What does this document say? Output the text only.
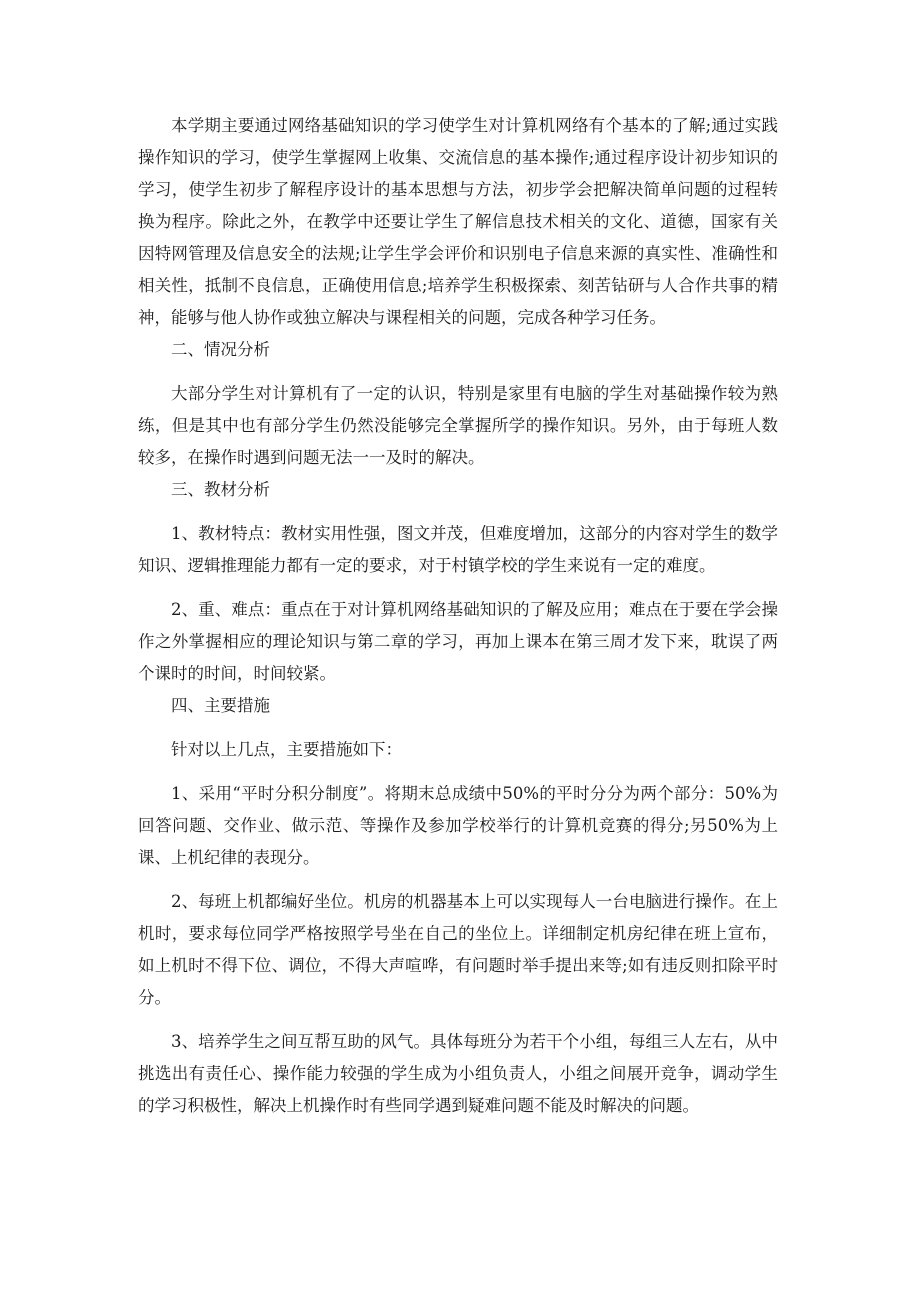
本学期主要通过网络基础知识的学习使学生对计算机网络有个基本的了解;通过实践操作知识的学习，使学生掌握网上收集、交流信息的基本操作;通过程序设计初步知识的学习，使学生初步了解程序设计的基本思想与方法，初步学会把解决简单问题的过程转换为程序。除此之外，在教学中还要让学生了解信息技术相关的文化、道德，国家有关因特网管理及信息安全的法规;让学生学会评价和识别电子信息来源的真实性、准确性和相关性，抵制不良信息，正确使用信息;培养学生积极探索、刻苦钻研与人合作共事的精神，能够与他人协作或独立解决与课程相关的问题，完成各种学习任务。

二、情况分析

大部分学生对计算机有了一定的认识，特别是家里有电脑的学生对基础操作较为熟练，但是其中也有部分学生仍然没能够完全掌握所学的操作知识。另外，由于每班人数较多，在操作时遇到问题无法一一及时的解决。

三、教材分析

1、教材特点：教材实用性强，图文并茂，但难度增加，这部分的内容对学生的数学知识、逻辑推理能力都有一定的要求，对于村镇学校的学生来说有一定的难度。

2、重、难点：重点在于对计算机网络基础知识的了解及应用；难点在于要在学会操作之外掌握相应的理论知识与第二章的学习，再加上课本在第三周才发下来，耽误了两个课时的时间，时间较紧。

四、主要措施

针对以上几点，主要措施如下：

1、采用“平时分积分制度”。将期末总成绩中50%的平时分分为两个部分：50%为回答问题、交作业、做示范、等操作及参加学校举行的计算机竞赛的得分;另50%为上课、上机纪律的表现分。

2、每班上机都编好坐位。机房的机器基本上可以实现每人一台电脑进行操作。在上机时，要求每位同学严格按照学号坐在自己的坐位上。详细制定机房纪律在班上宣布，如上机时不得下位、调位，不得大声喧哗，有问题时举手提出来等;如有违反则扣除平时分。

3、培养学生之间互帮互助的风气。具体每班分为若干个小组，每组三人左右，从中挑选出有责任心、操作能力较强的学生成为小组负责人，小组之间展开竞争，调动学生的学习积极性，解决上机操作时有些同学遇到疑难问题不能及时解决的问题。
